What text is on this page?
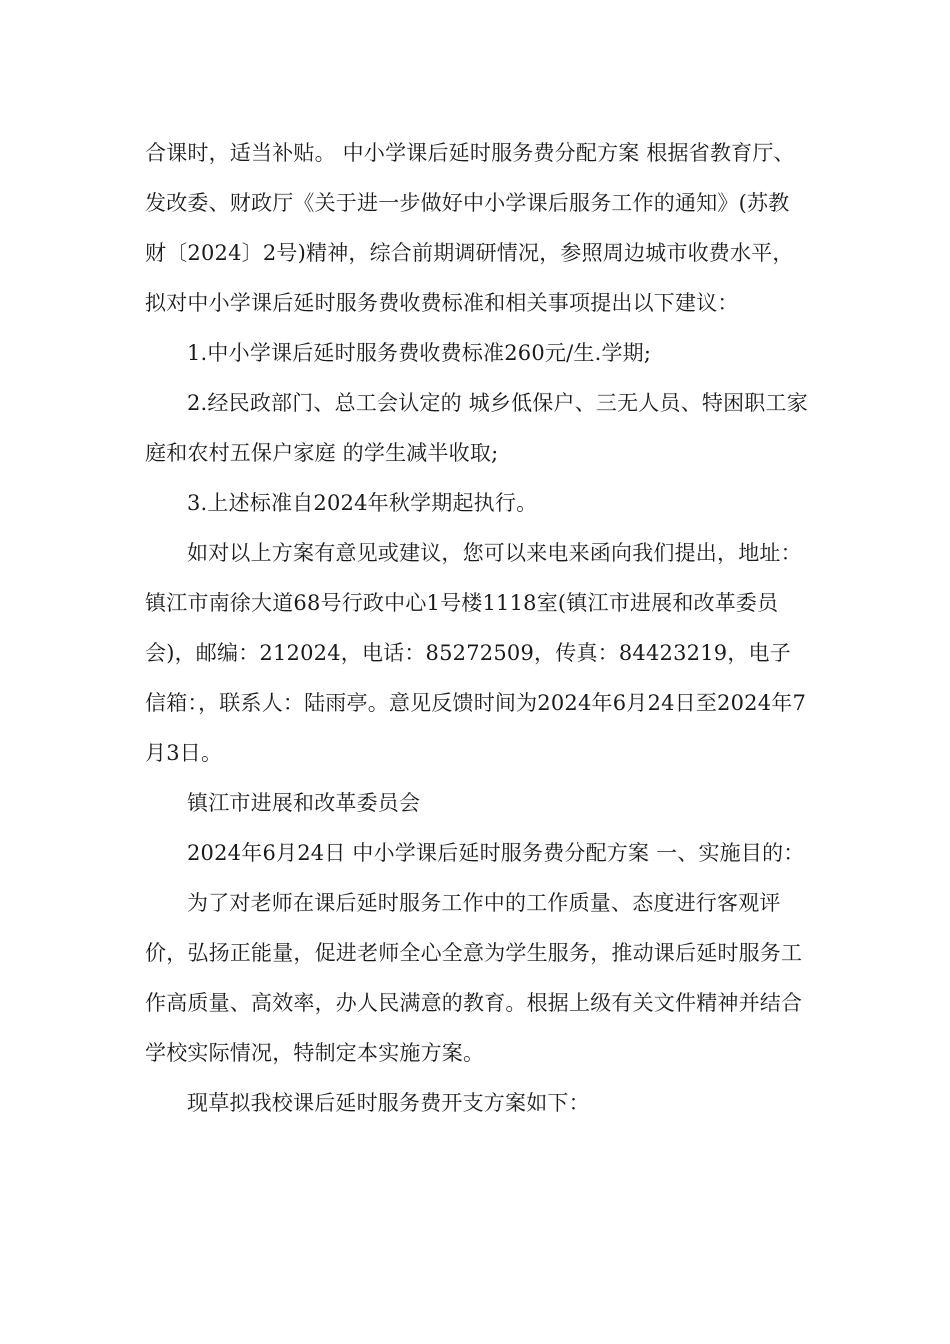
合课时，适当补贴。 中小学课后延时服务费分配方案 根据省教育厅、发改委、财政厅《关于进一步做好中小学课后服务工作的通知》(苏教财〔2024〕2号)精神，综合前期调研情况，参照周边城市收费水平，拟对中小学课后延时服务费收费标准和相关事项提出以下建议：

1.中小学课后延时服务费收费标准260元/生.学期;

2.经民政部门、总工会认定的 城乡低保户、三无人员、特困职工家庭和农村五保户家庭 的学生减半收取;

3.上述标准自2024年秋学期起执行。

如对以上方案有意见或建议，您可以来电来函向我们提出，地址：镇江市南徐大道68号行政中心1号楼1118室(镇江市进展和改革委员会)，邮编：212024，电话：85272509，传真：84423219，电子信箱：，联系人：陆雨亭。意见反馈时间为2024年6月24日至2024年7月3日。

镇江市进展和改革委员会

2024年6月24日 中小学课后延时服务费分配方案 一、实施目的：

为了对老师在课后延时服务工作中的工作质量、态度进行客观评价，弘扬正能量，促进老师全心全意为学生服务，推动课后延时服务工作高质量、高效率，办人民满意的教育。根据上级有关文件精神并结合学校实际情况，特制定本实施方案。

现草拟我校课后延时服务费开支方案如下：
